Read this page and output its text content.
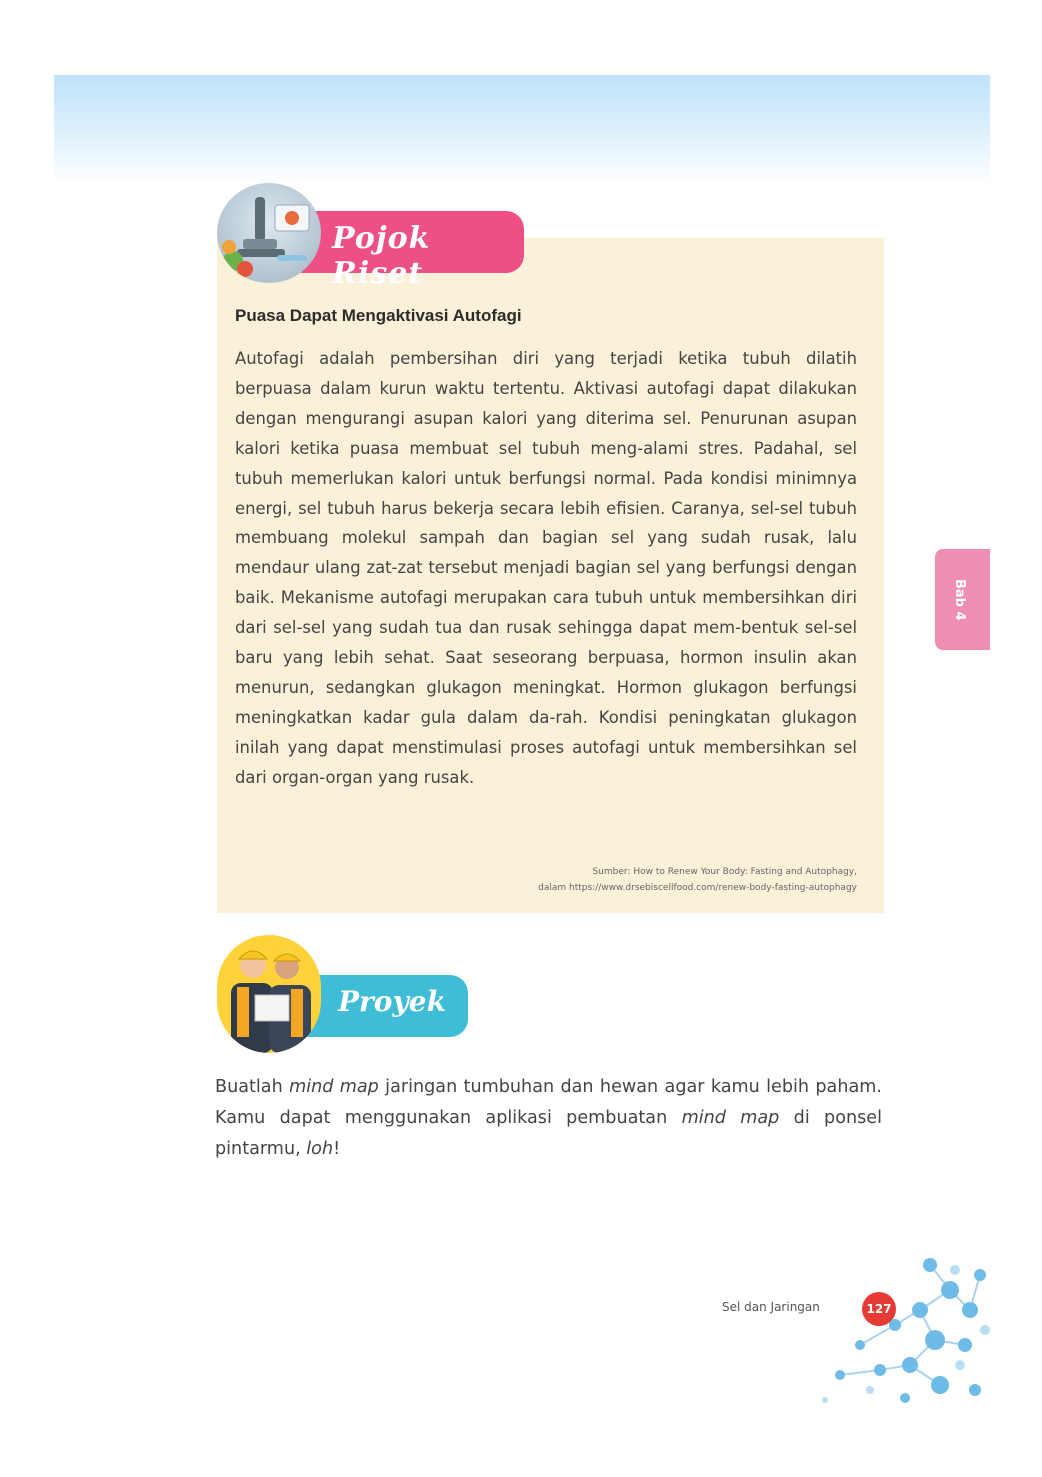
Pojok Riset
Puasa Dapat Mengaktivasi Autofagi

Autofagi adalah pembersihan diri yang terjadi ketika tubuh dilatih berpuasa dalam kurun waktu tertentu. Aktivasi autofagi dapat dilakukan dengan mengurangi asupan kalori yang diterima sel. Penurunan asupan kalori ketika puasa membuat sel tubuh meng-alami stres. Padahal, sel tubuh memerlukan kalori untuk berfungsi normal. Pada kondisi minimnya energi, sel tubuh harus bekerja secara lebih efisien. Caranya, sel-sel tubuh membuang molekul sampah dan bagian sel yang sudah rusak, lalu mendaur ulang zat-zat tersebut menjadi bagian sel yang berfungsi dengan baik. Mekanisme autofagi merupakan cara tubuh untuk membersihkan diri dari sel-sel yang sudah tua dan rusak sehingga dapat mem-bentuk sel-sel baru yang lebih sehat. Saat seseorang berpuasa, hormon insulin akan menurun, sedangkan glukagon meningkat. Hormon glukagon berfungsi meningkatkan kadar gula dalam da-rah. Kondisi peningkatan glukagon inilah yang dapat menstimulasi proses autofagi untuk membersihkan sel dari organ-organ yang rusak.

Sumber: How to Renew Your Body: Fasting and Autophagy,
dalam https://www.drsebiscellfood.com/renew-body-fasting-autophagy
Proyek

Buatlah mind map jaringan tumbuhan dan hewan agar kamu lebih paham. Kamu dapat menggunakan aplikasi pembuatan mind map di ponsel pintarmu, loh!

Bab 4
Sel dan Jaringan	127
